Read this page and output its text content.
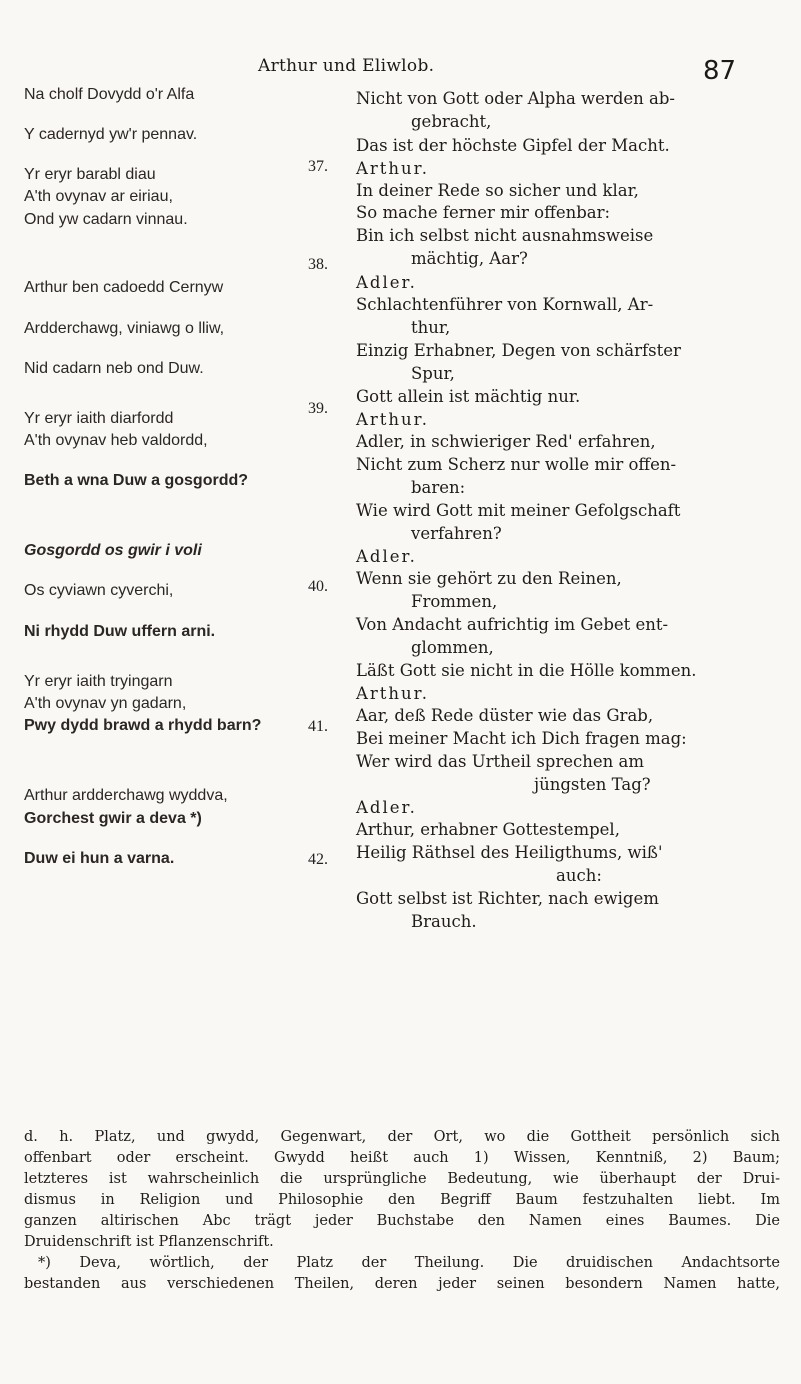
Arthur und Eliwlob.	87
Na cholf Dovydd o'r Alfa
Y cadernyd yw'r pennav.
Yr eryr barabl diau
A'th ovynav ar eiriau,
Ond yw cadarn vinnau.
Arthur ben cadoedd Cernyw
Ardderchawg, viniawg o lliw,
Nid cadarn neb ond Duw.
Yr eryr iaith diarfordd
A'th ovynav heb valdordd,
Beth a wna Duw a gosgordd?
Gosgordd os gwir i voli
Os cyviawn cyverchi,
Ni rhydd Duw uffern arni.
Yr eryr iaith tryingarn
A'th ovynav yn gadarn,
Pwy dydd brawd a rhydd barn?
Arthur ardderchawg wyddva,
Gorchest gwir a deva *)
Duw ei hun a varna.
37.
38.
39.
40.
41.
42.
Nicht von Gott oder Alpha werden ab-
gebracht,
Das ist der höchste Gipfel der Macht.
Arthur.
In deiner Rede so sicher und klar,
So mache ferner mir offenbar:
Bin ich selbst nicht ausnahmsweise
mächtig, Aar?
Adler.
Schlachtenführer von Kornwall, Ar-
thur,
Einzig Erhabner, Degen von schärfster
Spur,
Gott allein ist mächtig nur.
Arthur.
Adler, in schwieriger Red' erfahren,
Nicht zum Scherz nur wolle mir offen-
baren:
Wie wird Gott mit meiner Gefolgschaft
verfahren?
Adler.
Wenn sie gehört zu den Reinen,
Frommen,
Von Andacht aufrichtig im Gebet ent-
glommen,
Läßt Gott sie nicht in die Hölle kommen.
Arthur.
Aar, deß Rede düster wie das Grab,
Bei meiner Macht ich Dich fragen mag:
Wer wird das Urtheil sprechen am
jüngsten Tag?
Adler.
Arthur, erhabner Gottestempel,
Heilig Räthsel des Heiligthums, wiß'
auch:
Gott selbst ist Richter, nach ewigem
Brauch.

d. h. Platz, und gwydd, Gegenwart, der Ort, wo die Gottheit persönlich sich

offenbart oder erscheint. Gwydd heißt auch 1) Wissen, Kenntniß, 2) Baum;

letzteres ist wahrscheinlich die ursprüngliche Bedeutung, wie überhaupt der Drui-

dismus in Religion und Philosophie den Begriff Baum festzuhalten liebt. Im

ganzen altirischen Abc trägt jeder Buchstabe den Namen eines Baumes. Die

Druidenschrift ist Pflanzenschrift.

*) Deva, wörtlich, der Platz der Theilung. Die druidischen Andachtsorte

bestanden aus verschiedenen Theilen, deren jeder seinen besondern Namen hatte,
